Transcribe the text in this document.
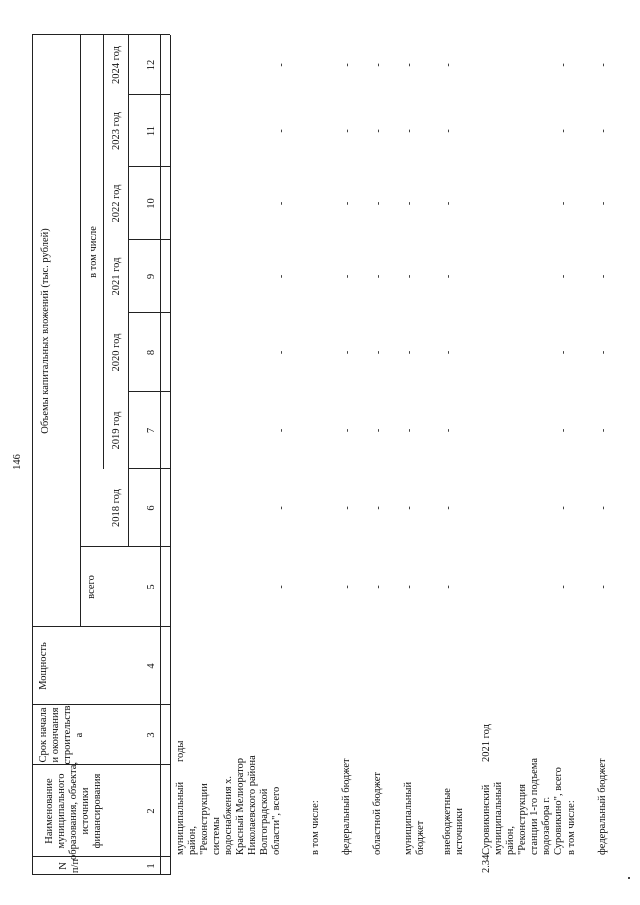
146
N п/п
Наименование муниципального образования, объекта, источники финансирования
Срок начала и окончания строительств а
Мощность
Объемы капитальных вложений (тыс. рублей)
всего
в том числе
2018 год
2019 год
2020 год
2021 год
2022 год
2023 год
2024 год
1
2
3
4
5
6
7
8
9
10
11
12
муниципальный район, "Реконструкции системы водоснабжения х. Красный Мелиоратор Николаевского района Волгоградской области", всего
годы
-
-
-
-
-
-
-
-
в том числе: федеральный бюджет
-
-
-
-
-
-
-
-
областной бюджет
-
-
-
-
-
-
-
-
муниципальный бюджет
-
-
-
-
-
-
-
-
внебюджетные источники
-
-
-
-
-
-
-
-
2.34.
Суровикинский муниципальный район, "Реконструкция станции 1-го подъема водозабора г. Суровикино", всего
2021 год
-
-
-
-
-
-
-
-
в том числе: федеральный бюджет
-
-
-
-
-
-
-
-
